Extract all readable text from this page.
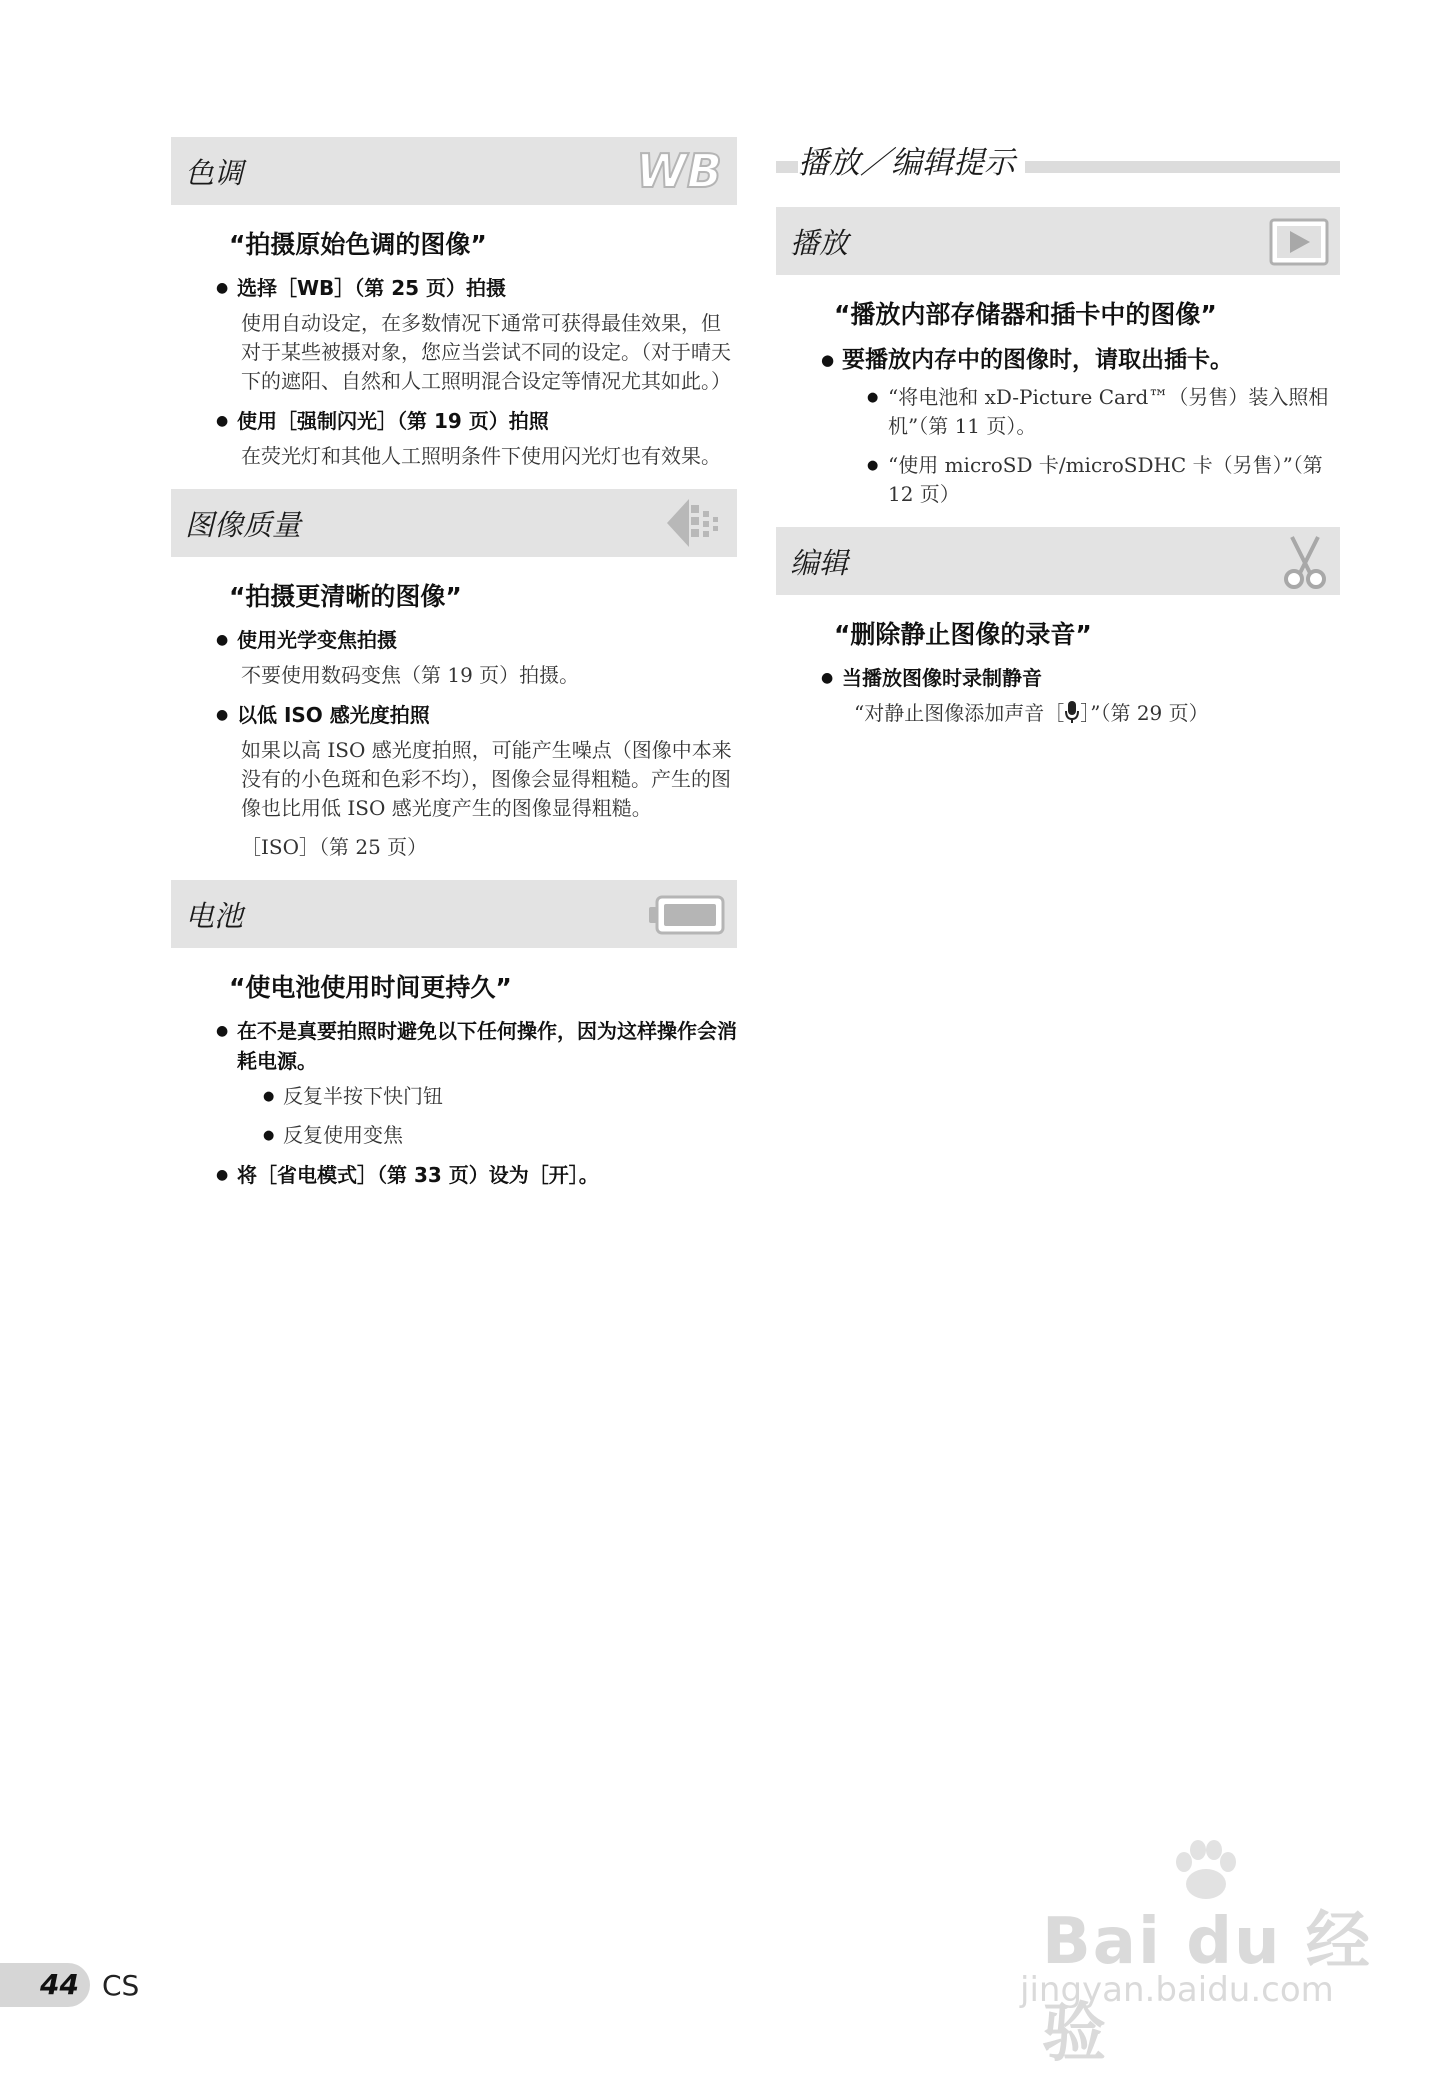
色调	WB
“拍摄原始色调的图像”
● 选择［WB］（第 25 页）拍摄
使用自动设定，在多数情况下通常可获得最佳效果，但对于某些被摄对象，您应当尝试不同的设定。（对于晴天下的遮阳、自然和人工照明混合设定等情况尤其如此。）
● 使用［强制闪光］（第 19 页）拍照
在荧光灯和其他人工照明条件下使用闪光灯也有效果。
图像质量
“拍摄更清晰的图像”
● 使用光学变焦拍摄
不要使用数码变焦（第 19 页）拍摄。
● 以低 ISO 感光度拍照
如果以高 ISO 感光度拍照，可能产生噪点（图像中本来没有的小色斑和色彩不均），图像会显得粗糙。产生的图像也比用低 ISO 感光度产生的图像显得粗糙。
［ISO］（第 25 页）
电池
“使电池使用时间更持久”
● 在不是真要拍照时避免以下任何操作，因为这样操作会消耗电源。
● 反复半按下快门钮
● 反复使用变焦
● 将［省电模式］（第 33 页）设为［开］。
播放／编辑提示
播放
“播放内部存储器和插卡中的图像”
● 要播放内存中的图像时，请取出插卡。
● “将电池和 xD-Picture Card™（另售）装入照相机”（第 11 页）。
● “使用 microSD 卡/microSDHC 卡（另售）”（第 12 页）
编辑
“删除静止图像的录音”
● 当播放图像时录制静音
“对静止图像添加声音［ ］”（第 29 页）
44 CS
Bai du 经验
jingyan.baidu.com
